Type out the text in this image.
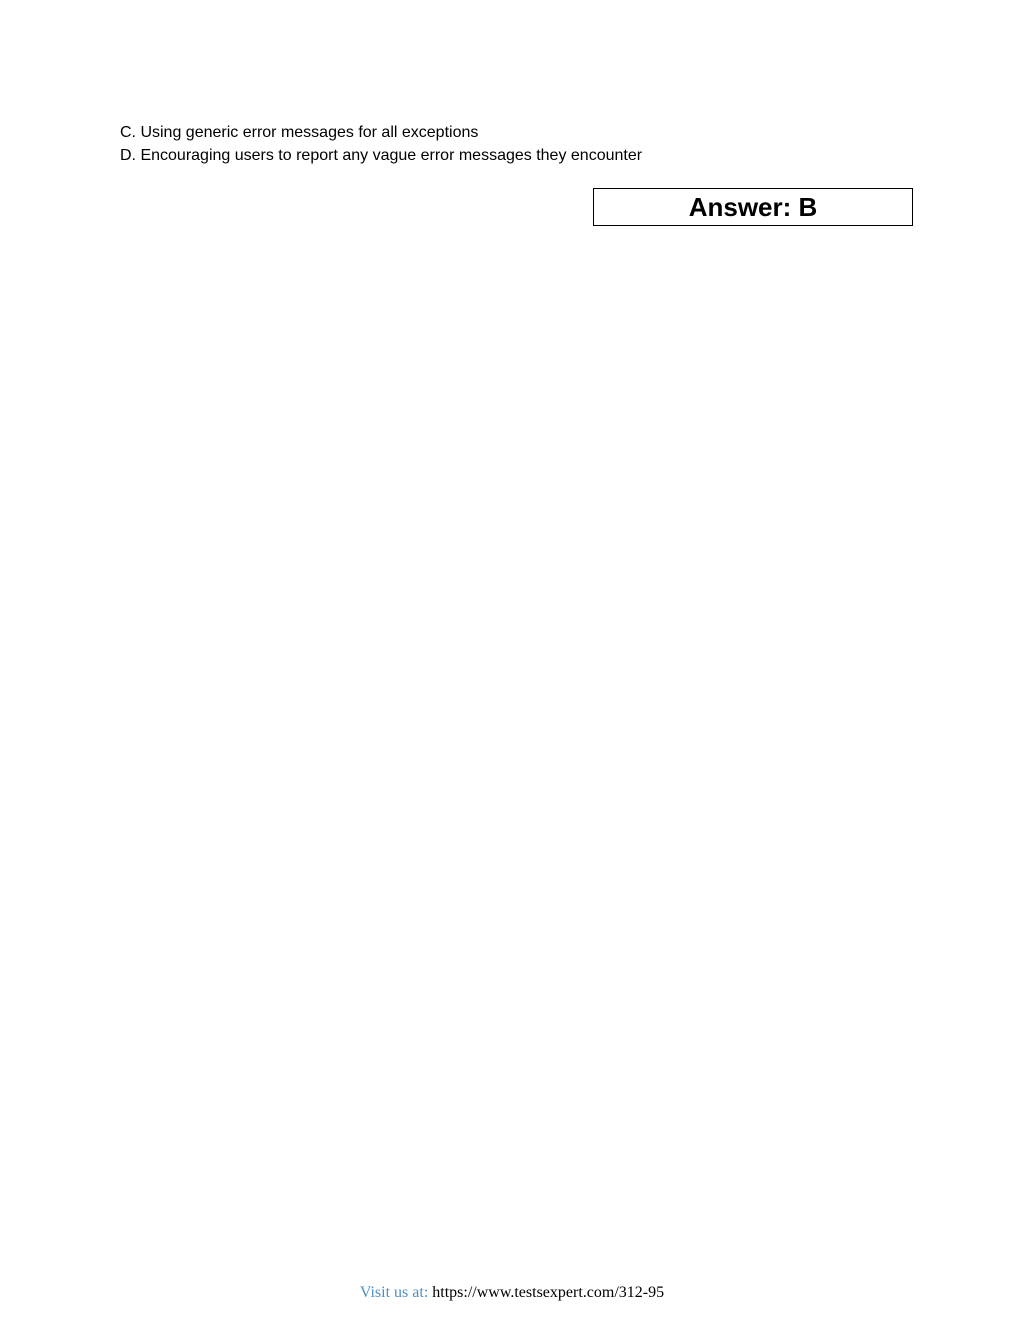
C. Using generic error messages for all exceptions
D. Encouraging users to report any vague error messages they encounter
Answer: B
Visit us at: https://www.testsexpert.com/312-95
